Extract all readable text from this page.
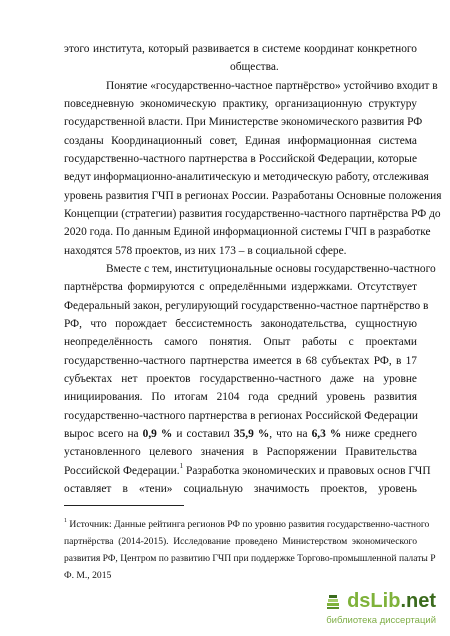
этого института, который развивается в системе координат конкретного
общества.
Понятие «государственно-частное партнёрство» устойчиво входит в
повседневную экономическую практику, организационную структуру
государственной власти. При Министерстве экономического развития РФ
созданы Координационный совет, Единая информационная система
государственно-частного партнерства в Российской Федерации, которые
ведут информационно-аналитическую и методическую работу, отслеживая
уровень развития ГЧП в регионах России. Разработаны Основные положения
Концепции (стратегии) развития государственно-частного партнёрства РФ до
2020 года. По данным Единой информационной системы ГЧП в разработке
находятся 578 проектов, из них 173 – в социальной сфере.
Вместе с тем, институциональные основы государственно-частного
партнёрства формируются с определёнными издержками. Отсутствует
Федеральный закон, регулирующий государственно-частное партнёрство в
РФ, что порождает бессистемность законодательства, сущностную
неопределённость самого понятия. Опыт работы с проектами
государственно-частного партнерства имеется в 68 субъектах РФ, в 17
субъектах нет проектов государственно-частного даже на уровне
инициирования. По итогам 2104 года средний уровень развития
государственно-частного партнерства в регионах Российской Федерации
вырос всего на 0,9 % и составил 35,9 %, что на 6,3 % ниже среднего
установленного целевого значения в Распоряжении Правительства
Российской Федерации.$^1$ Разработка экономических и правовых основ ГЧП
оставляет в «тени» социальную значимость проектов, уровень
$^1$ Источник: Данные рейтинга регионов РФ по уровню развития государственно-частного
партнёрства (2014-2015). Исследование проведено Министерством экономического
развития РФ, Центром по развитию ГЧП при поддержке Торгово-промышленной палаты Р
Ф. М., 2015
dsLib.net
библиотека диссертаций
